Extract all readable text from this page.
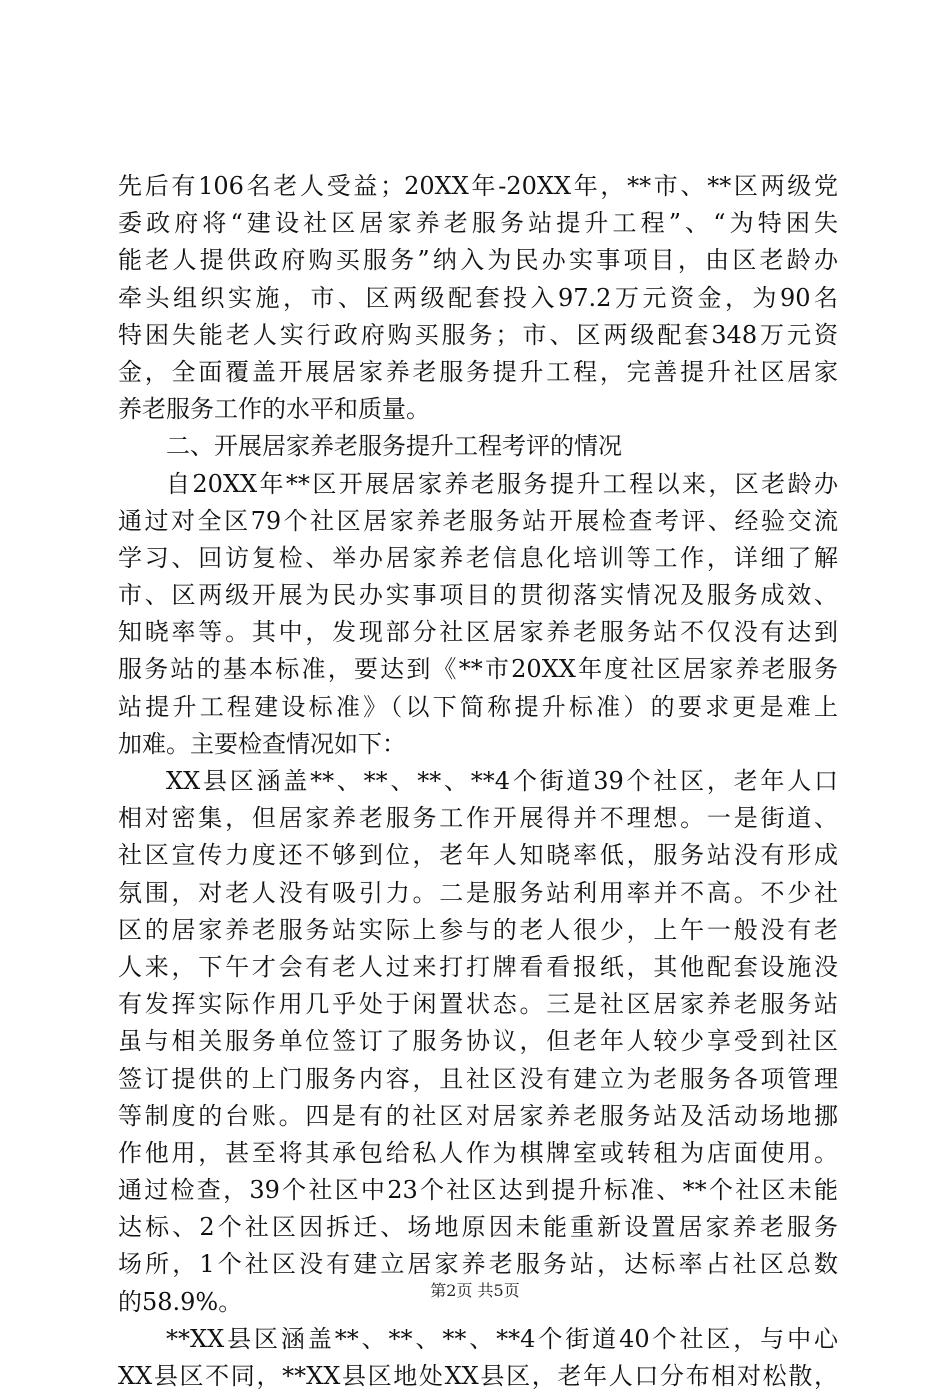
先后有106名老人受益；20XX年-20XX年，**市、**区两级党
委政府将“建设社区居家养老服务站提升工程”、“为特困失
能老人提供政府购买服务”纳入为民办实事项目，由区老龄办
牵头组织实施，市、区两级配套投入97.2万元资金，为90名
特困失能老人实行政府购买服务；市、区两级配套348万元资
金，全面覆盖开展居家养老服务提升工程，完善提升社区居家
养老服务工作的水平和质量。
二、开展居家养老服务提升工程考评的情况
自20XX年**区开展居家养老服务提升工程以来，区老龄办
通过对全区79个社区居家养老服务站开展检查考评、经验交流
学习、回访复检、举办居家养老信息化培训等工作，详细了解
市、区两级开展为民办实事项目的贯彻落实情况及服务成效、
知晓率等。其中，发现部分社区居家养老服务站不仅没有达到
服务站的基本标准，要达到《**市20XX年度社区居家养老服务
站提升工程建设标准》（以下简称提升标准）的要求更是难上
加难。主要检查情况如下：
XX县区涵盖**、**、**、**4个街道39个社区，老年人口
相对密集，但居家养老服务工作开展得并不理想。一是街道、
社区宣传力度还不够到位，老年人知晓率低，服务站没有形成
氛围，对老人没有吸引力。二是服务站利用率并不高。不少社
区的居家养老服务站实际上参与的老人很少，上午一般没有老
人来，下午才会有老人过来打打牌看看报纸，其他配套设施没
有发挥实际作用几乎处于闲置状态。三是社区居家养老服务站
虽与相关服务单位签订了服务协议，但老年人较少享受到社区
签订提供的上门服务内容，且社区没有建立为老服务各项管理
等制度的台账。四是有的社区对居家养老服务站及活动场地挪
作他用，甚至将其承包给私人作为棋牌室或转租为店面使用。
通过检查，39个社区中23个社区达到提升标准、**个社区未能
达标、2个社区因拆迁、场地原因未能重新设置居家养老服务
场所，1个社区没有建立居家养老服务站，达标率占社区总数
的58.9%。
**XX县区涵盖**、**、**、**4个街道40个社区，与中心
XX县区不同，**XX县区地处XX县区，老年人口分布相对松散，
第2页 共5页
